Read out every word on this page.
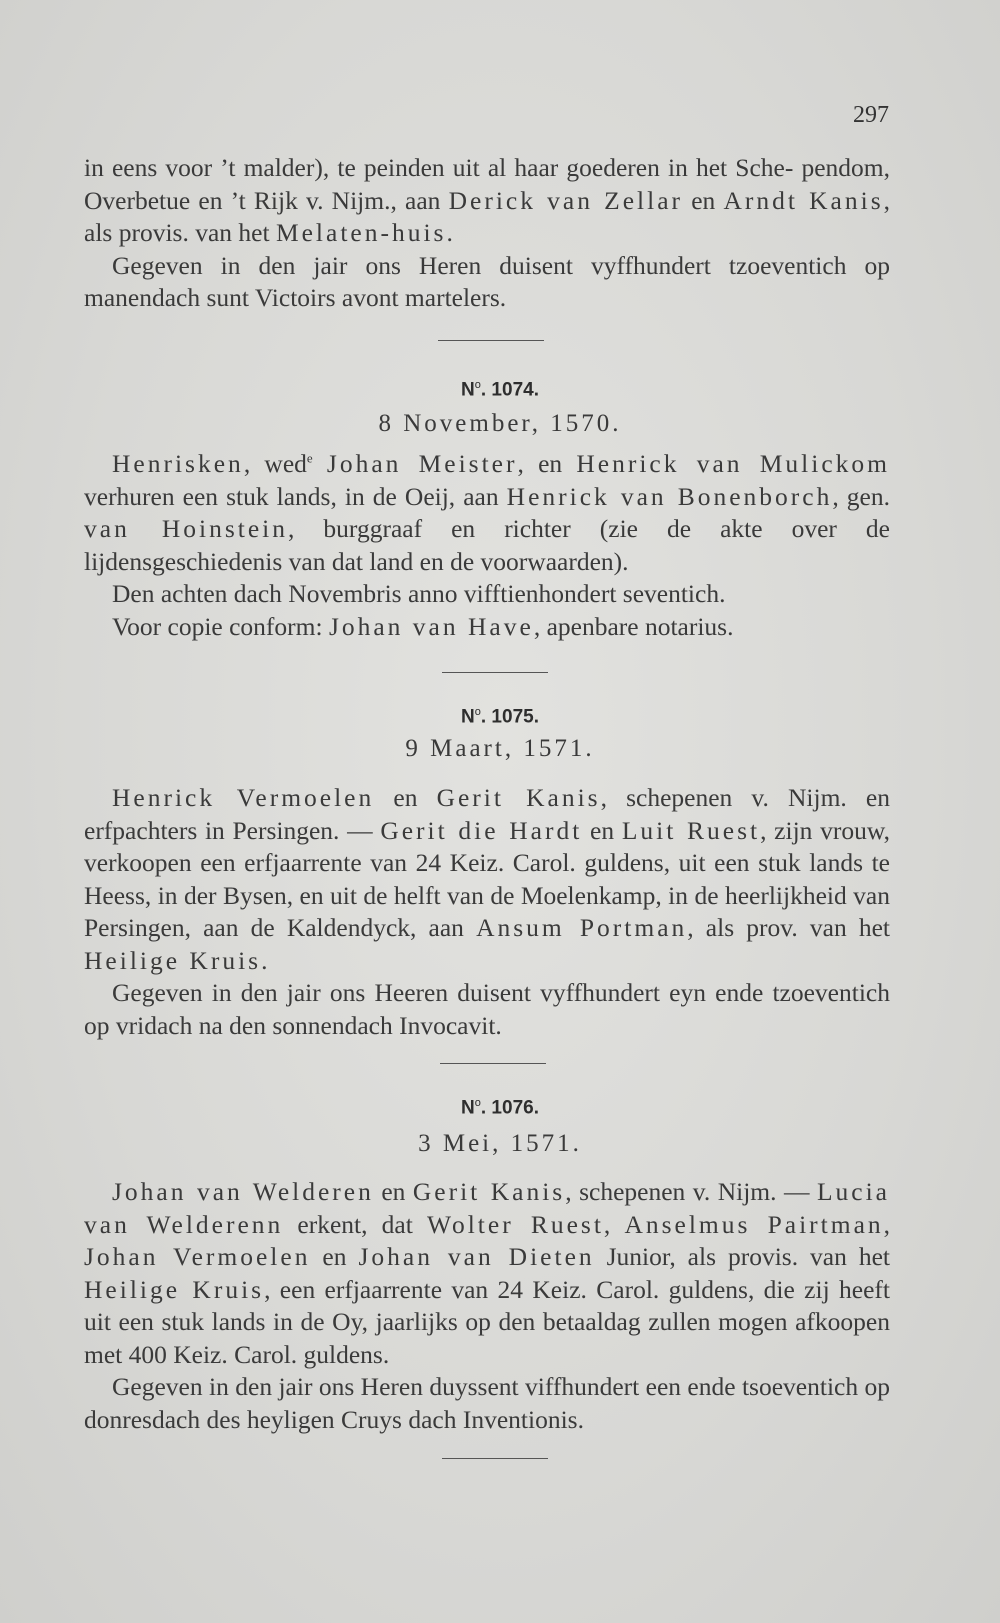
297

in eens voor ’t malder), te peinden uit al haar goederen in het Sche- pendom, Overbetue en ’t Rijk v. Nijm., aan Derick van Zellar en Arndt Kanis, als provis. van het Melaten-huis.

Gegeven in den jair ons Heren duisent vyffhundert tzoeventich op manendach sunt Victoirs avont martelers.

$N^o$. 1074.
8 November, 1570.

Henrisken, wed$^e$ Johan Meister, en Henrick van Mulickom verhuren een stuk lands, in de Oeij, aan Henrick van Bonenborch, gen. van Hoinstein, burggraaf en richter (zie de akte over de lijdensgeschiedenis van dat land en de voorwaarden).

Den achten dach Novembris anno vifftienhondert seventich.

Voor copie conform: Johan van Have, apenbare notarius.

$N^o$. 1075.
9 Maart, 1571.

Henrick Vermoelen en Gerit Kanis, schepenen v. Nijm. en erfpachters in Persingen. — Gerit die Hardt en Luit Ruest, zijn vrouw, verkoopen een erfjaarrente van 24 Keiz. Carol. guldens, uit een stuk lands te Heess, in der Bysen, en uit de helft van de Moelenkamp, in de heerlijkheid van Persingen, aan de Kaldendyck, aan Ansum Portman, als prov. van het Heilige Kruis.

Gegeven in den jair ons Heeren duisent vyffhundert eyn ende tzoeventich op vridach na den sonnendach Invocavit.

$N^o$. 1076.
3 Mei, 1571.

Johan van Welderen en Gerit Kanis, schepenen v. Nijm. — Lucia van Welderenn erkent, dat Wolter Ruest, Anselmus Pairtman, Johan Vermoelen en Johan van Dieten Junior, als provis. van het Heilige Kruis, een erfjaarrente van 24 Keiz. Carol. guldens, die zij heeft uit een stuk lands in de Oy, jaarlijks op den betaaldag zullen mogen afkoopen met 400 Keiz. Carol. guldens.

Gegeven in den jair ons Heren duyssent viffhundert een ende tsoeventich op donresdach des heyligen Cruys dach Inventionis.
